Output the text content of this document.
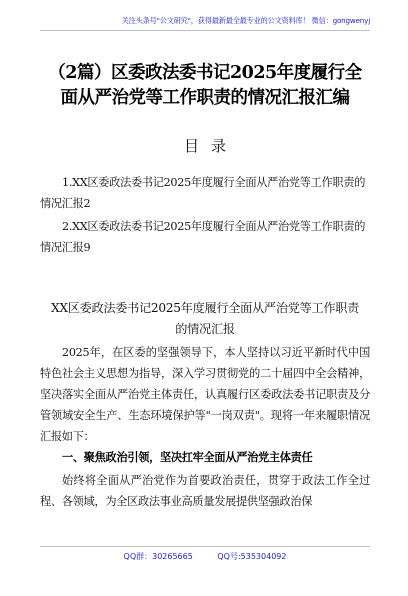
关注头条号"公文研究"，获得最新最全最专业的公文资料库！ 微信：gongwenyj
（2篇）区委政法委书记2025年度履行全面从严治党等工作职责的情况汇报汇编
目录
1.XX区委政法委书记2025年度履行全面从严治党等工作职责的情况汇报2
2.XX区委政法委书记2025年度履行全面从严治党等工作职责的情况汇报9
XX区委政法委书记2025年度履行全面从严治党等工作职责的情况汇报
2025年，在区委的坚强领导下，本人坚持以习近平新时代中国特色社会主义思想为指导，深入学习贯彻党的二十届四中全会精神，坚决落实全面从严治党主体责任，认真履行区委政法委书记职责及分管领域安全生产、生态环境保护等"一岗双责"。现将一年来履职情况汇报如下：
一、聚焦政治引领，坚决扛牢全面从严治党主体责任
始终将全面从严治党作为首要政治责任，贯穿于政法工作全过程、各领域，为全区政法事业高质量发展提供坚强政治保
QQ群：30265665	QQ号:535304092
